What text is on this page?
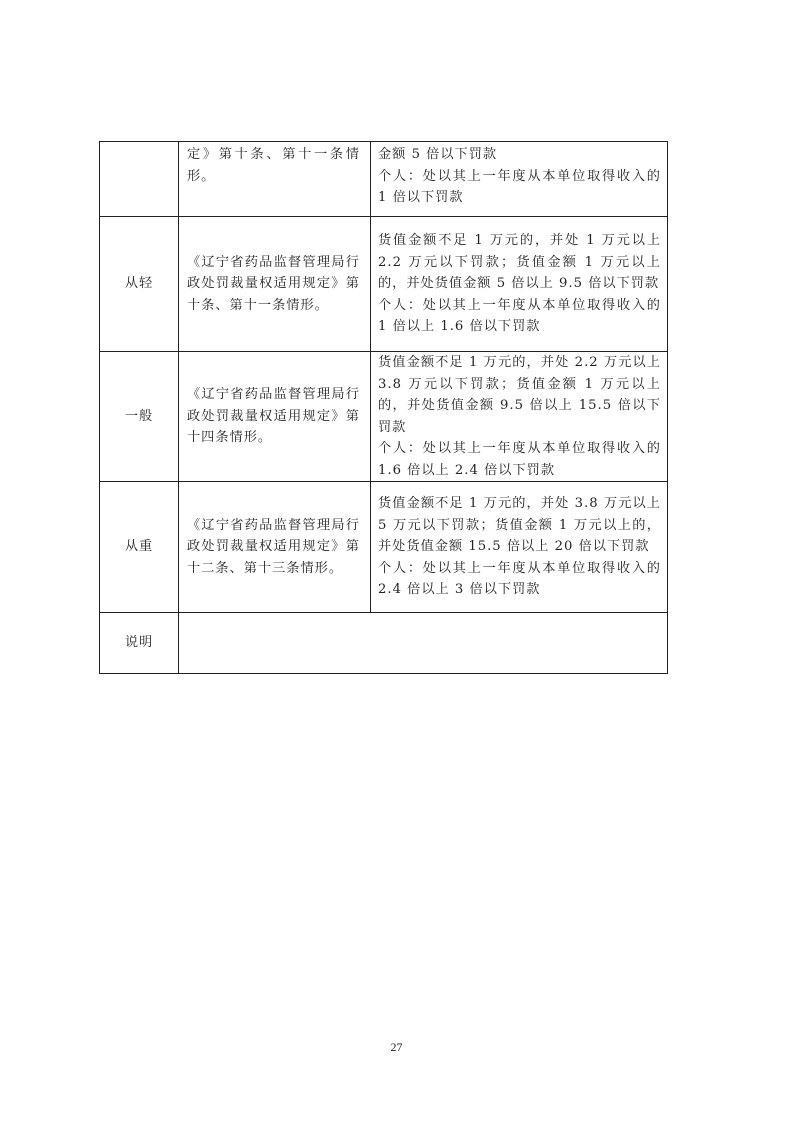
	定》第十条、第十一条情形。	金额 5 倍以下罚款

个人：处以其上一年度从本单位取得收入的 1 倍以下罚款

从轻	《辽宁省药品监督管理局行政处罚裁量权适用规定》第十条、第十一条情形。	货值金额不足 1 万元的，并处 1 万元以上 2.2 万元以下罚款；货值金额 1 万元以上的，并处货值金额 5 倍以上 9.5 倍以下罚款

个人：处以其上一年度从本单位取得收入的 1 倍以上 1.6 倍以下罚款

一般	《辽宁省药品监督管理局行政处罚裁量权适用规定》第十四条情形。	货值金额不足 1 万元的，并处 2.2 万元以上 3.8 万元以下罚款；货值金额 1 万元以上的，并处货值金额 9.5 倍以上 15.5 倍以下罚款

个人：处以其上一年度从本单位取得收入的 1.6 倍以上 2.4 倍以下罚款

从重	《辽宁省药品监督管理局行政处罚裁量权适用规定》第十二条、第十三条情形。	货值金额不足 1 万元的，并处 3.8 万元以上 5 万元以下罚款；货值金额 1 万元以上的，并处货值金额 15.5 倍以上 20 倍以下罚款

个人：处以其上一年度从本单位取得收入的 2.4 倍以上 3 倍以下罚款

说明		
27
